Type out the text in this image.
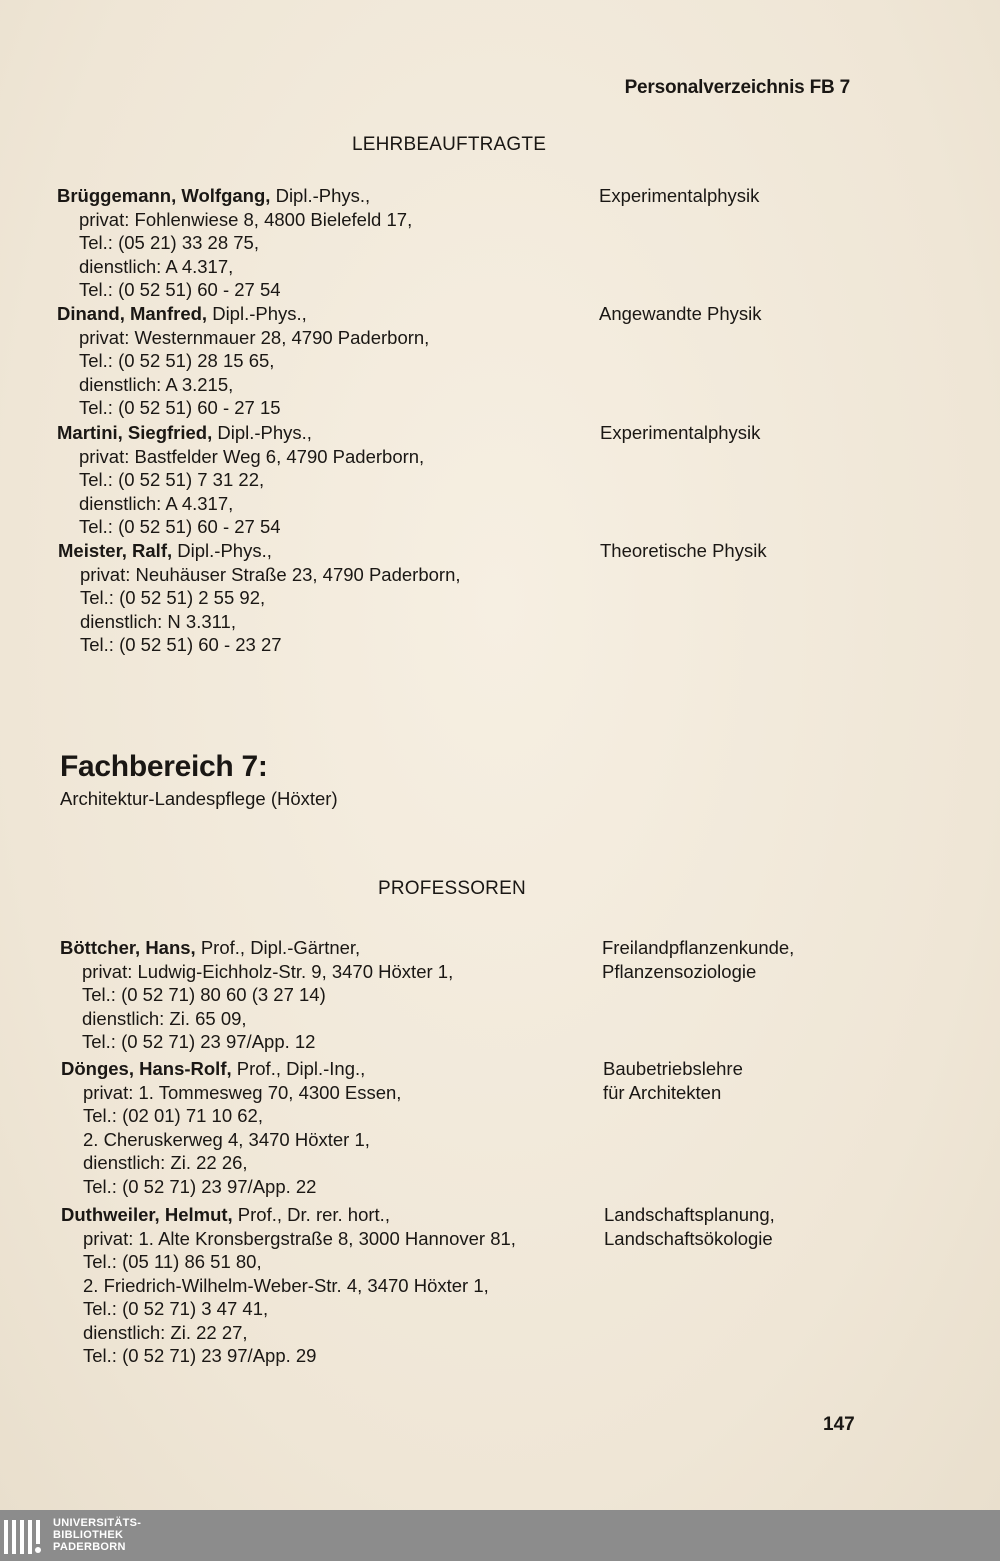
Personalverzeichnis FB 7
LEHRBEAUFTRAGTE
Brüggemann, Wolfgang, Dipl.-Phys.,
privat: Fohlenwiese 8, 4800 Bielefeld 17,
Tel.: (05 21) 33 28 75,
dienstlich: A 4.317,
Tel.: (0 52 51) 60 - 27 54
Experimentalphysik
Dinand, Manfred, Dipl.-Phys.,
privat: Westernmauer 28, 4790 Paderborn,
Tel.: (0 52 51) 28 15 65,
dienstlich: A 3.215,
Tel.: (0 52 51) 60 - 27 15
Angewandte Physik
Martini, Siegfried, Dipl.-Phys.,
privat: Bastfelder Weg 6, 4790 Paderborn,
Tel.: (0 52 51) 7 31 22,
dienstlich: A 4.317,
Tel.: (0 52 51) 60 - 27 54
Experimentalphysik
Meister, Ralf, Dipl.-Phys.,
privat: Neuhäuser Straße 23, 4790 Paderborn,
Tel.: (0 52 51) 2 55 92,
dienstlich: N 3.311,
Tel.: (0 52 51) 60 - 23 27
Theoretische Physik
Fachbereich 7:
Architektur-Landespflege (Höxter)
PROFESSOREN
Böttcher, Hans, Prof., Dipl.-Gärtner,
privat: Ludwig-Eichholz-Str. 9, 3470 Höxter 1,
Tel.: (0 52 71) 80 60 (3 27 14)
dienstlich: Zi. 65 09,
Tel.: (0 52 71) 23 97/App. 12
Freilandpflanzenkunde,
Pflanzensoziologie
Dönges, Hans-Rolf, Prof., Dipl.-Ing.,
privat: 1. Tommesweg 70, 4300 Essen,
Tel.: (02 01) 71 10 62,
2. Cheruskerweg 4, 3470 Höxter 1,
dienstlich: Zi. 22 26,
Tel.: (0 52 71) 23 97/App. 22
Baubetriebslehre
für Architekten
Duthweiler, Helmut, Prof., Dr. rer. hort.,
privat: 1. Alte Kronsbergstraße 8, 3000 Hannover 81,
Tel.: (05 11) 86 51 80,
2. Friedrich-Wilhelm-Weber-Str. 4, 3470 Höxter 1,
Tel.: (0 52 71) 3 47 41,
dienstlich: Zi. 22 27,
Tel.: (0 52 71) 23 97/App. 29
Landschaftsplanung,
Landschaftsökologie
147
UNIVERSITÄTS-
BIBLIOTHEK
PADERBORN
